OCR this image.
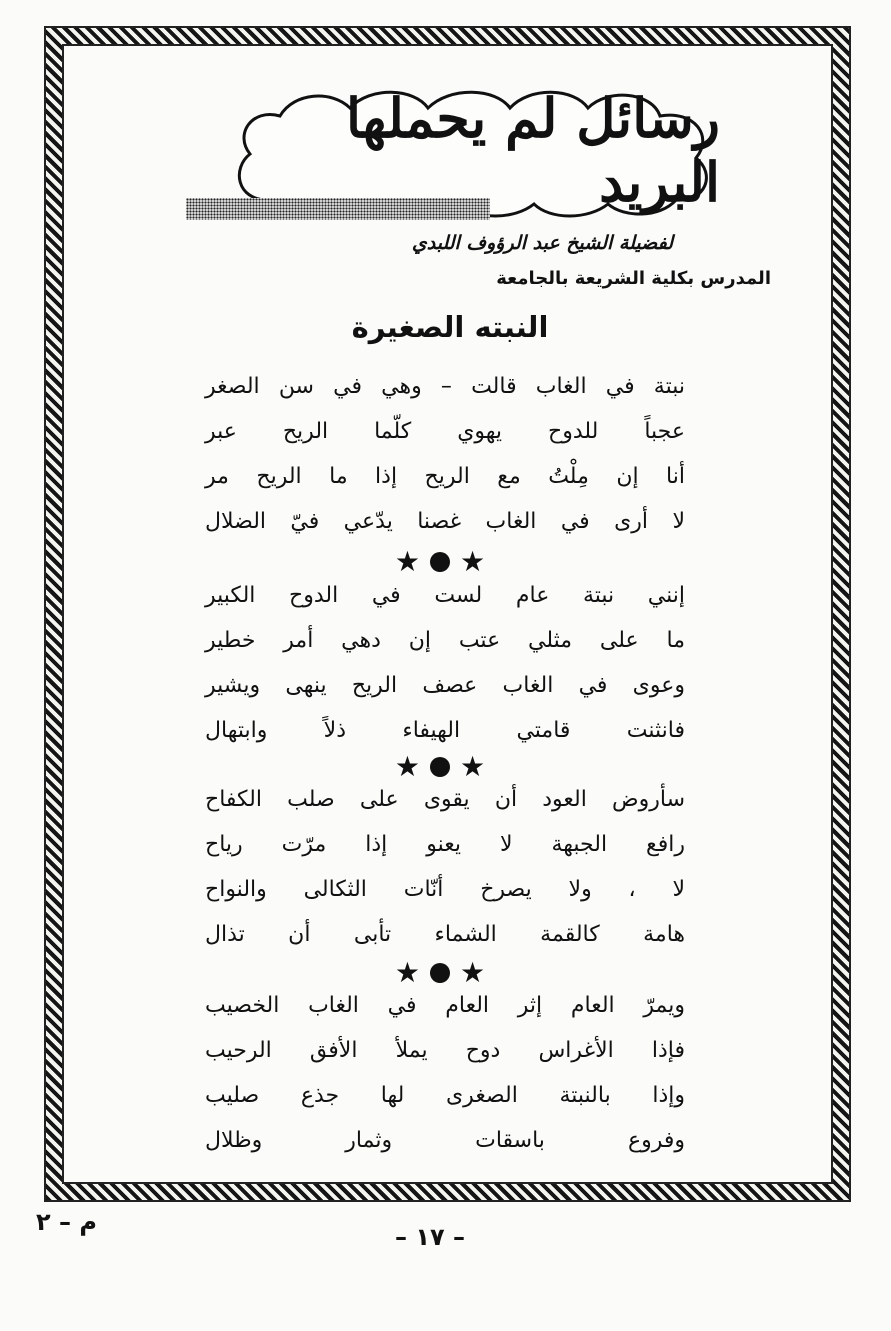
رسائل لم يحملها البريد
لفضيلة الشيخ عبد الرؤوف اللبدي
المدرس بكلية الشريعة بالجامعة
النبته الصغيرة
نبتة في الغاب قالت – وهي في سن الصغر
عجباً للدوح يهوي كلّما الريح عبر
أنا إن مِلْتُ مع الريح إذا ما الريح مر
لا أرى في الغاب غصنا يدّعي فيّ الضلال
★ ★
إنني نبتة عام لست في الدوح الكبير
ما على مثلي عتب إن دهي أمر خطير
وعوى في الغاب عصف الريح ينهى ويشير
فانثنت قامتي الهيفاء ذلاً وابتهال
★ ★
سأروض العود أن يقوى على صلب الكفاح
رافع الجبهة لا يعنو إذا مرّت رياح
لا ، ولا يصرخ أنّات الثكالى والنواح
هامة كالقمة الشماء تأبى أن تذال
★ ★
ويمرّ العام إثر العام في الغاب الخصيب
فإذا الأغراس دوح يملأ الأفق الرحيب
وإذا بالنبتة الصغرى لها جذع صليب
وفروع باسقات وثمار وظلال
م – ٢
– ١٧ –
